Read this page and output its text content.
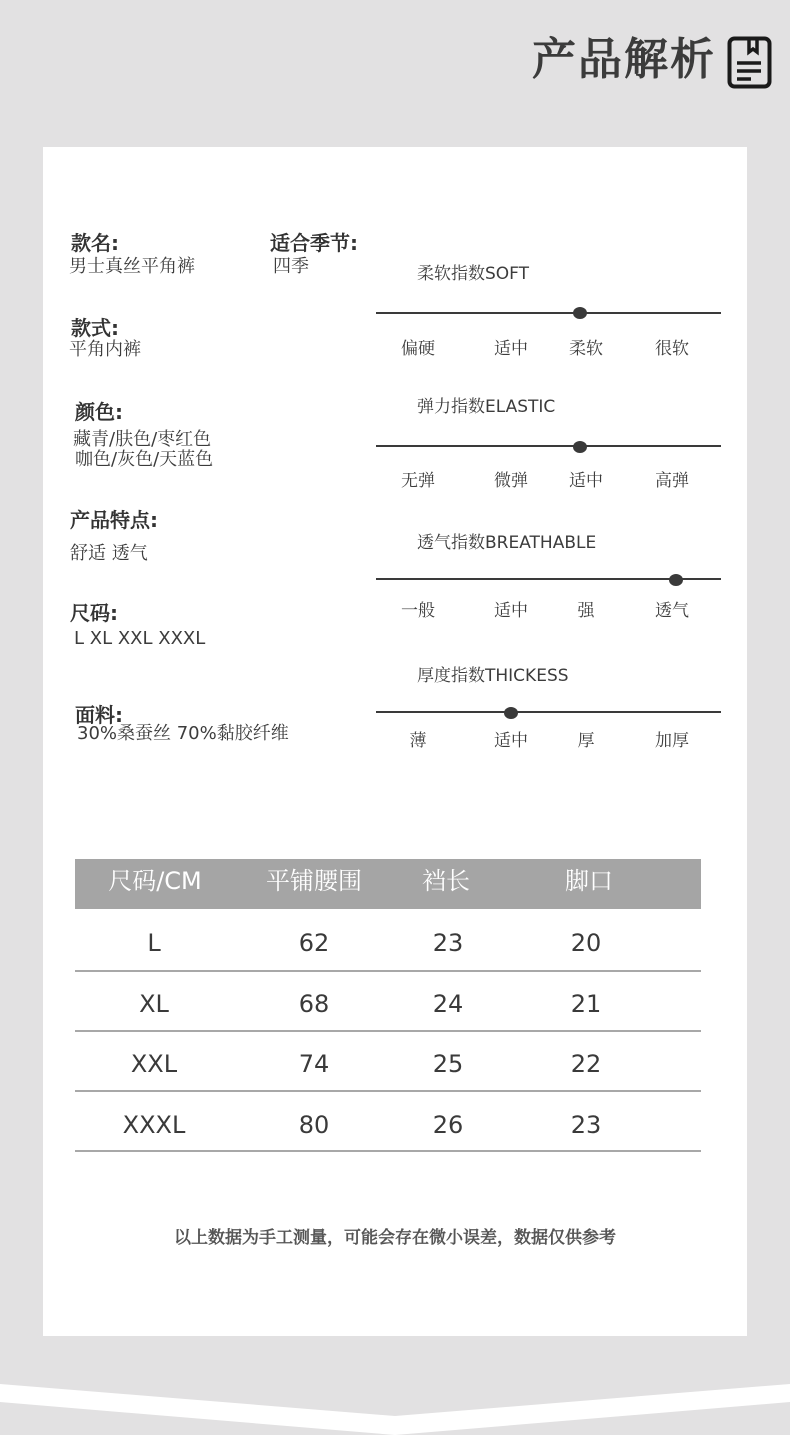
产品解析
款名:
男士真丝平角裤
适合季节:
四季
款式:
平角内裤
颜色:
藏青/肤色/枣红色
咖色/灰色/天蓝色
产品特点:
舒适 透气
尺码:
L XL XXL XXXL
面料:
30%桑蚕丝 70%黏胶纤维
柔软指数SOFT
偏硬	适中	柔软	很软
弹力指数ELASTIC
无弹	微弹	适中	高弹
透气指数BREATHABLE
一般	适中	强	透气
厚度指数THICKESS
薄	适中	厚	加厚
尺码/CM	平铺腰围	裆长	脚口
L	62	23	20
XL	68	24	21
XXL	74	25	22
XXXL	80	26	23
以上数据为手工测量，可能会存在微小误差，数据仅供参考
